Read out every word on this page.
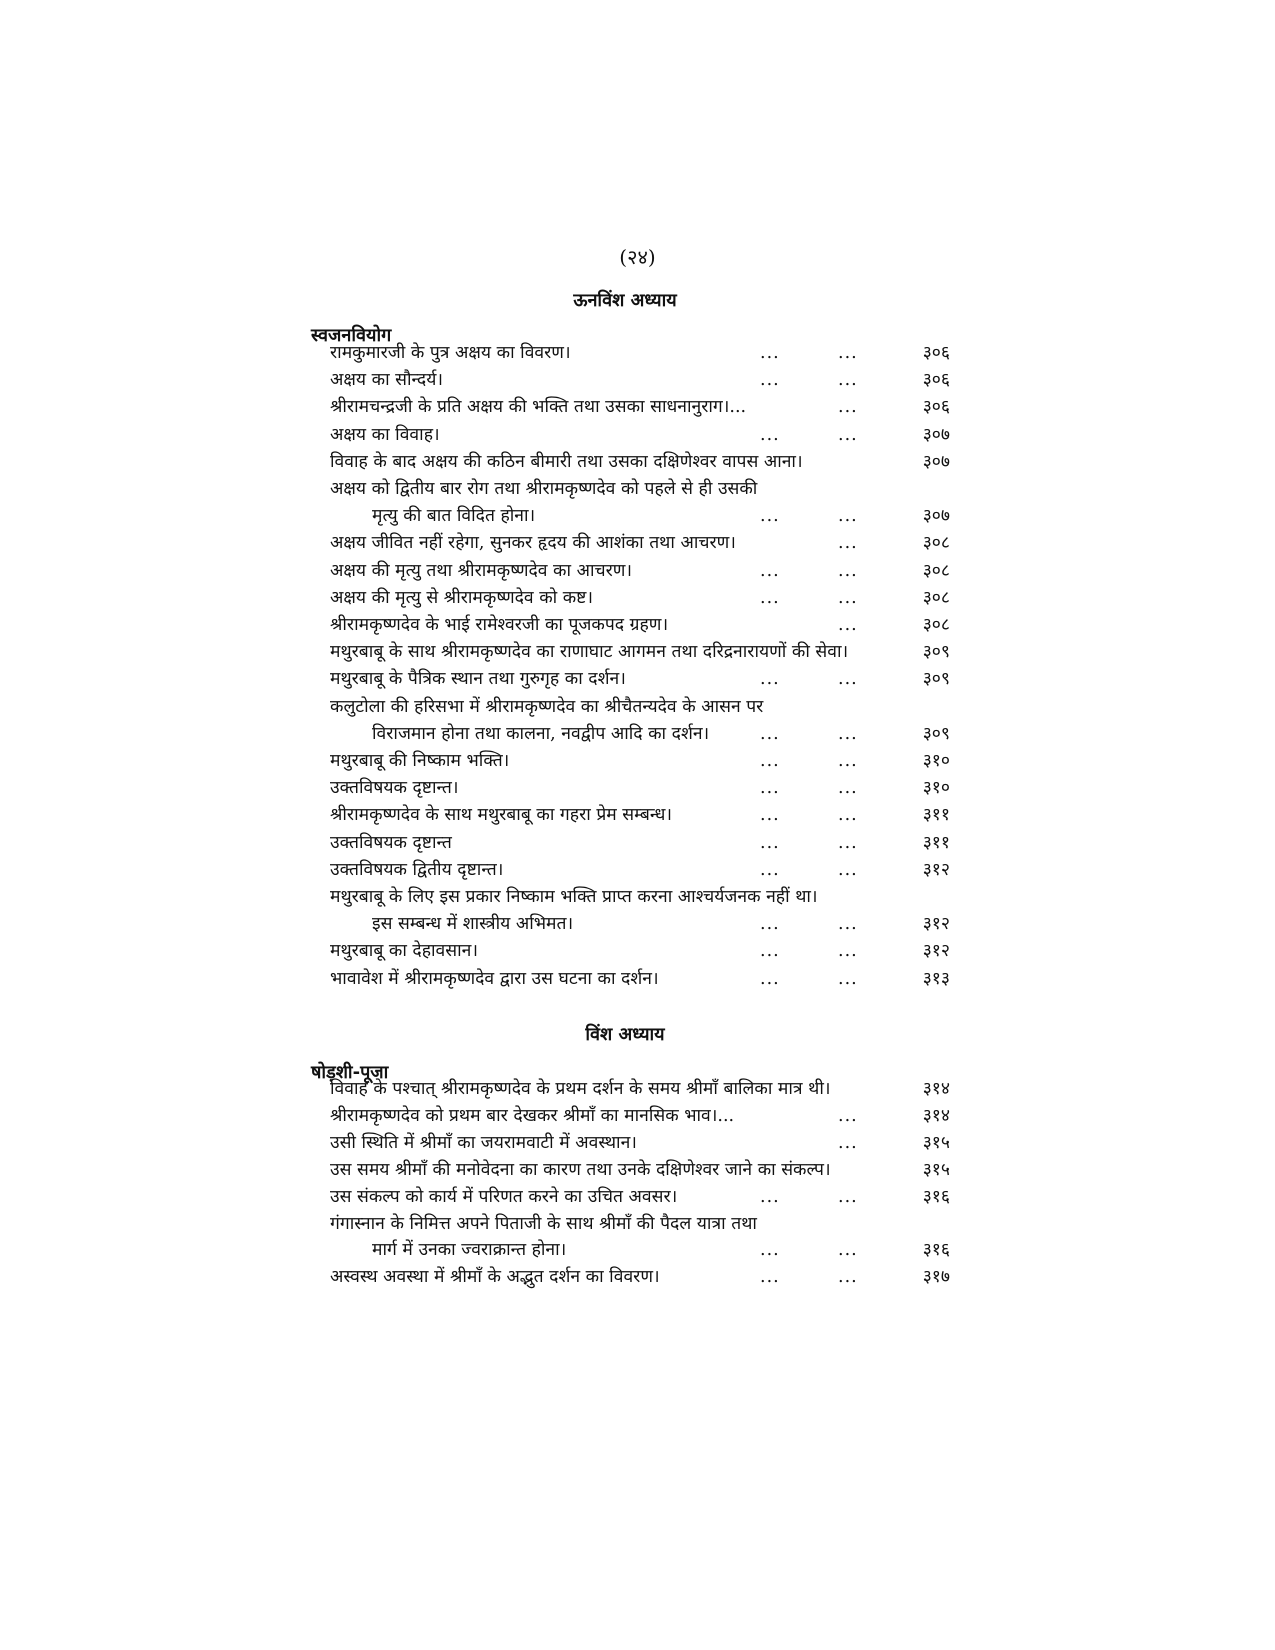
(२४)
ऊनविंश अध्याय
स्वजनवियोग
रामकुमारजी के पुत्र अक्षय का विवरण।	...	...	३०६
अक्षय का सौन्दर्य।	...	...	३०६
श्रीरामचन्द्रजी के प्रति अक्षय की भक्ति तथा उसका साधनानुराग।...	...	३०६
अक्षय का विवाह।	...	...	३०७
विवाह के बाद अक्षय की कठिन बीमारी तथा उसका दक्षिणेश्वर वापस आना।	३०७
अक्षय को द्वितीय बार रोग तथा श्रीरामकृष्णदेव को पहले से ही उसकी
मृत्यु की बात विदित होना।	...	...	३०७
अक्षय जीवित नहीं रहेगा, सुनकर हृदय की आशंका तथा आचरण।	...	३०८
अक्षय की मृत्यु तथा श्रीरामकृष्णदेव का आचरण।	...	...	३०८
अक्षय की मृत्यु से श्रीरामकृष्णदेव को कष्ट।	...	...	३०८
श्रीरामकृष्णदेव के भाई रामेश्वरजी का पूजकपद ग्रहण।	...	३०८
मथुरबाबू के साथ श्रीरामकृष्णदेव का राणाघाट आगमन तथा दरिद्रनारायणों की सेवा।	३०९
मथुरबाबू के पैत्रिक स्थान तथा गुरुगृह का दर्शन।	...	...	३०९
कलुटोला की हरिसभा में श्रीरामकृष्णदेव का श्रीचैतन्यदेव के आसन पर
विराजमान होना तथा कालना, नवद्वीप आदि का दर्शन।	...	...	३०९
मथुरबाबू की निष्काम भक्ति।	...	...	३१०
उक्तविषयक दृष्टान्त।	...	...	३१०
श्रीरामकृष्णदेव के साथ मथुरबाबू का गहरा प्रेम सम्बन्ध।	...	...	३११
उक्तविषयक दृष्टान्त	...	...	३११
उक्तविषयक द्वितीय दृष्टान्त।	...	...	३१२
मथुरबाबू के लिए इस प्रकार निष्काम भक्ति प्राप्त करना आश्चर्यजनक नहीं था।
इस सम्बन्ध में शास्त्रीय अभिमत।	...	...	३१२
मथुरबाबू का देहावसान।	...	...	३१२
भावावेश में श्रीरामकृष्णदेव द्वारा उस घटना का दर्शन।	...	...	३१३
विंश अध्याय
षोड़शी-पूजा
विवाह के पश्चात् श्रीरामकृष्णदेव के प्रथम दर्शन के समय श्रीमाँ बालिका मात्र थी।	३१४
श्रीरामकृष्णदेव को प्रथम बार देखकर श्रीमाँ का मानसिक भाव।...	...	३१४
उसी स्थिति में श्रीमाँ का जयरामवाटी में अवस्थान।	...	३१५
उस समय श्रीमाँ की मनोवेदना का कारण तथा उनके दक्षिणेश्वर जाने का संकल्प।	३१५
उस संकल्प को कार्य में परिणत करने का उचित अवसर।	...	...	३१६
गंगास्नान के निमित्त अपने पिताजी के साथ श्रीमाँ की पैदल यात्रा तथा
मार्ग में उनका ज्वराक्रान्त होना।	...	...	३१६
अस्वस्थ अवस्था में श्रीमाँ के अद्भुत दर्शन का विवरण।	...	...	३१७
